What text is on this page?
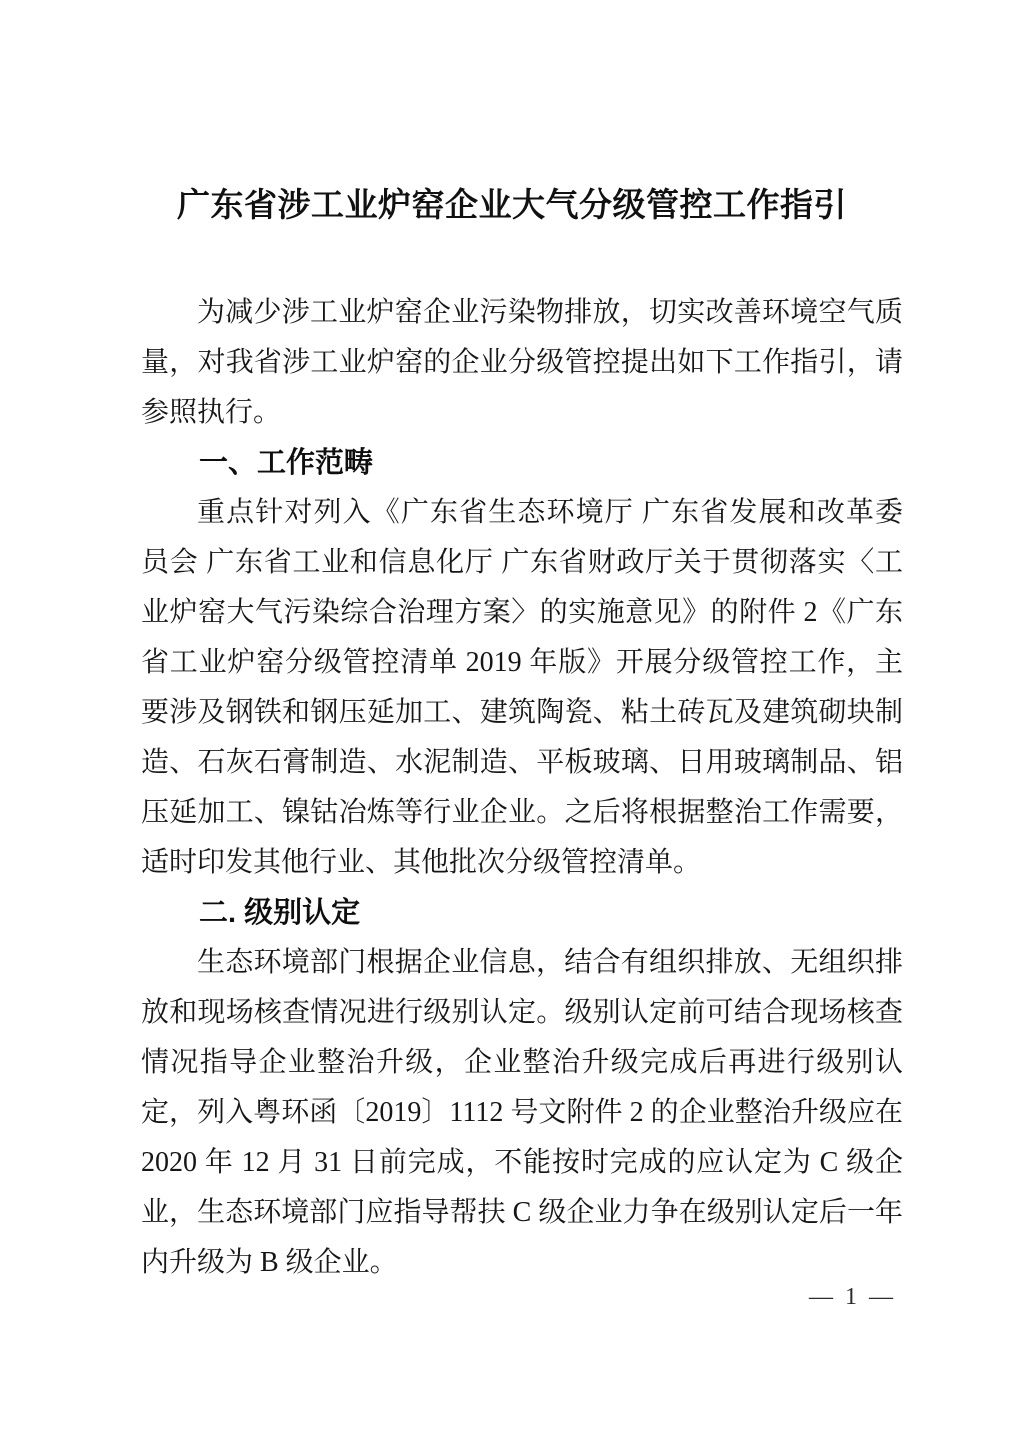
广东省涉工业炉窑企业大气分级管控工作指引

为减少涉工业炉窑企业污染物排放，切实改善环境空气质量，对我省涉工业炉窑的企业分级管控提出如下工作指引，请参照执行。

一、工作范畴

重点针对列入《广东省生态环境厅 广东省发展和改革委员会 广东省工业和信息化厅 广东省财政厅关于贯彻落实〈工业炉窑大气污染综合治理方案〉的实施意见》的附件 2《广东省工业炉窑分级管控清单 2019 年版》开展分级管控工作，主要涉及钢铁和钢压延加工、建筑陶瓷、粘土砖瓦及建筑砌块制造、石灰石膏制造、水泥制造、平板玻璃、日用玻璃制品、铝压延加工、镍钴冶炼等行业企业。之后将根据整治工作需要，适时印发其他行业、其他批次分级管控清单。

二. 级别认定

生态环境部门根据企业信息，结合有组织排放、无组织排放和现场核查情况进行级别认定。级别认定前可结合现场核查情况指导企业整治升级，企业整治升级完成后再进行级别认定，列入粤环函〔2019〕1112 号文附件 2 的企业整治升级应在 2020 年 12 月 31 日前完成，不能按时完成的应认定为 C 级企业，生态环境部门应指导帮扶 C 级企业力争在级别认定后一年内升级为 B 级企业。

— 1 —
